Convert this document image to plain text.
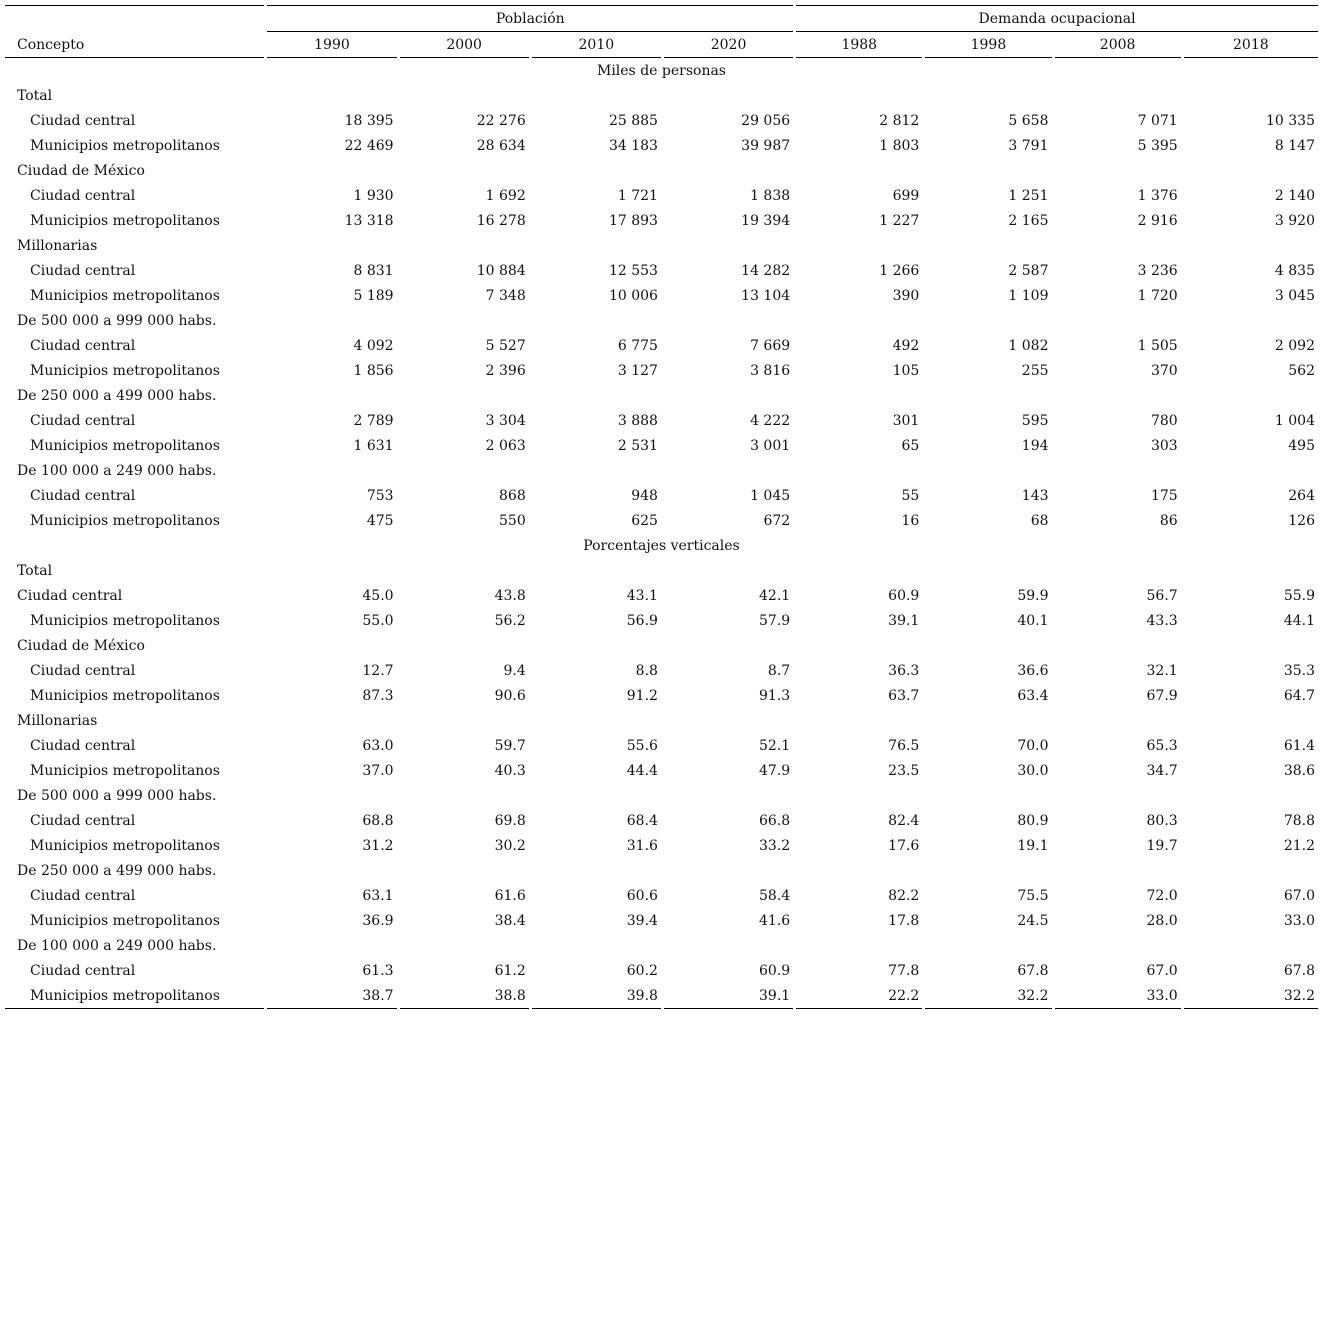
		Población								Demanda ocupacional						
Concepto		1990		2000		2010		2020		1988		1998		2008		2018
Miles de personas																
Total																
Ciudad central		18 395		22 276		25 885		29 056		2 812		5 658		7 071		10 335
Municipios metropolitanos		22 469		28 634		34 183		39 987		1 803		3 791		5 395		8 147
Ciudad de México																
Ciudad central		1 930		1 692		1 721		1 838		699		1 251		1 376		2 140
Municipios metropolitanos		13 318		16 278		17 893		19 394		1 227		2 165		2 916		3 920
Millonarias																
Ciudad central		8 831		10 884		12 553		14 282		1 266		2 587		3 236		4 835
Municipios metropolitanos		5 189		7 348		10 006		13 104		390		1 109		1 720		3 045
De 500 000 a 999 000 habs.																
Ciudad central		4 092		5 527		6 775		7 669		492		1 082		1 505		2 092
Municipios metropolitanos		1 856		2 396		3 127		3 816		105		255		370		562
De 250 000 a 499 000 habs.																
Ciudad central		2 789		3 304		3 888		4 222		301		595		780		1 004
Municipios metropolitanos		1 631		2 063		2 531		3 001		65		194		303		495
De 100 000 a 249 000 habs.																
Ciudad central		753		868		948		1 045		55		143		175		264
Municipios metropolitanos		475		550		625		672		16		68		86		126
Porcentajes verticales																
Total																
Ciudad central		45.0		43.8		43.1		42.1		60.9		59.9		56.7		55.9
Municipios metropolitanos		55.0		56.2		56.9		57.9		39.1		40.1		43.3		44.1
Ciudad de México																
Ciudad central		12.7		9.4		8.8		8.7		36.3		36.6		32.1		35.3
Municipios metropolitanos		87.3		90.6		91.2		91.3		63.7		63.4		67.9		64.7
Millonarias																
Ciudad central		63.0		59.7		55.6		52.1		76.5		70.0		65.3		61.4
Municipios metropolitanos		37.0		40.3		44.4		47.9		23.5		30.0		34.7		38.6
De 500 000 a 999 000 habs.																
Ciudad central		68.8		69.8		68.4		66.8		82.4		80.9		80.3		78.8
Municipios metropolitanos		31.2		30.2		31.6		33.2		17.6		19.1		19.7		21.2
De 250 000 a 499 000 habs.																
Ciudad central		63.1		61.6		60.6		58.4		82.2		75.5		72.0		67.0
Municipios metropolitanos		36.9		38.4		39.4		41.6		17.8		24.5		28.0		33.0
De 100 000 a 249 000 habs.																
Ciudad central		61.3		61.2		60.2		60.9		77.8		67.8		67.0		67.8
Municipios metropolitanos		38.7		38.8		39.8		39.1		22.2		32.2		33.0		32.2
